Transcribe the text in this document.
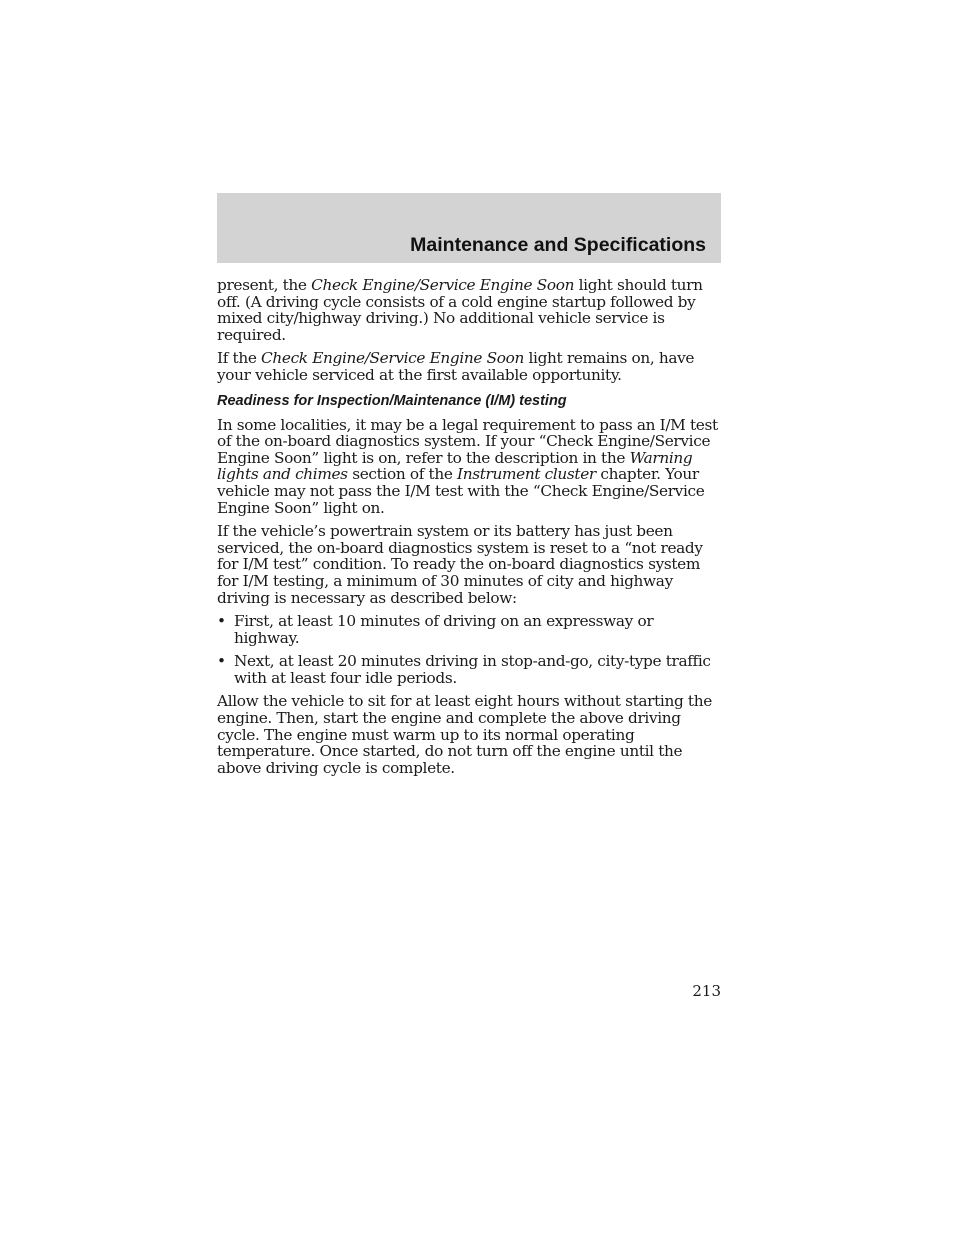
Maintenance and Specifications

present, the Check Engine/Service Engine Soon light should turn off. (A driving cycle consists of a cold engine startup followed by mixed city/highway driving.) No additional vehicle service is required.

If the Check Engine/Service Engine Soon light remains on, have your vehicle serviced at the first available opportunity.

Readiness for Inspection/Maintenance (I/M) testing

In some localities, it may be a legal requirement to pass an I/M test of the on-board diagnostics system. If your “Check Engine/Service Engine Soon” light is on, refer to the description in the Warning lights and chimes section of the Instrument cluster chapter. Your vehicle may not pass the I/M test with the “Check Engine/Service Engine Soon” light on.

If the vehicle’s powertrain system or its battery has just been serviced, the on-board diagnostics system is reset to a “not ready for I/M test” condition. To ready the on-board diagnostics system for I/M testing, a minimum of 30 minutes of city and highway driving is necessary as described below:

• First, at least 10 minutes of driving on an expressway or highway.
• Next, at least 20 minutes driving in stop-and-go, city-type traffic with at least four idle periods.

Allow the vehicle to sit for at least eight hours without starting the engine. Then, start the engine and complete the above driving cycle. The engine must warm up to its normal operating temperature. Once started, do not turn off the engine until the above driving cycle is complete.

213
